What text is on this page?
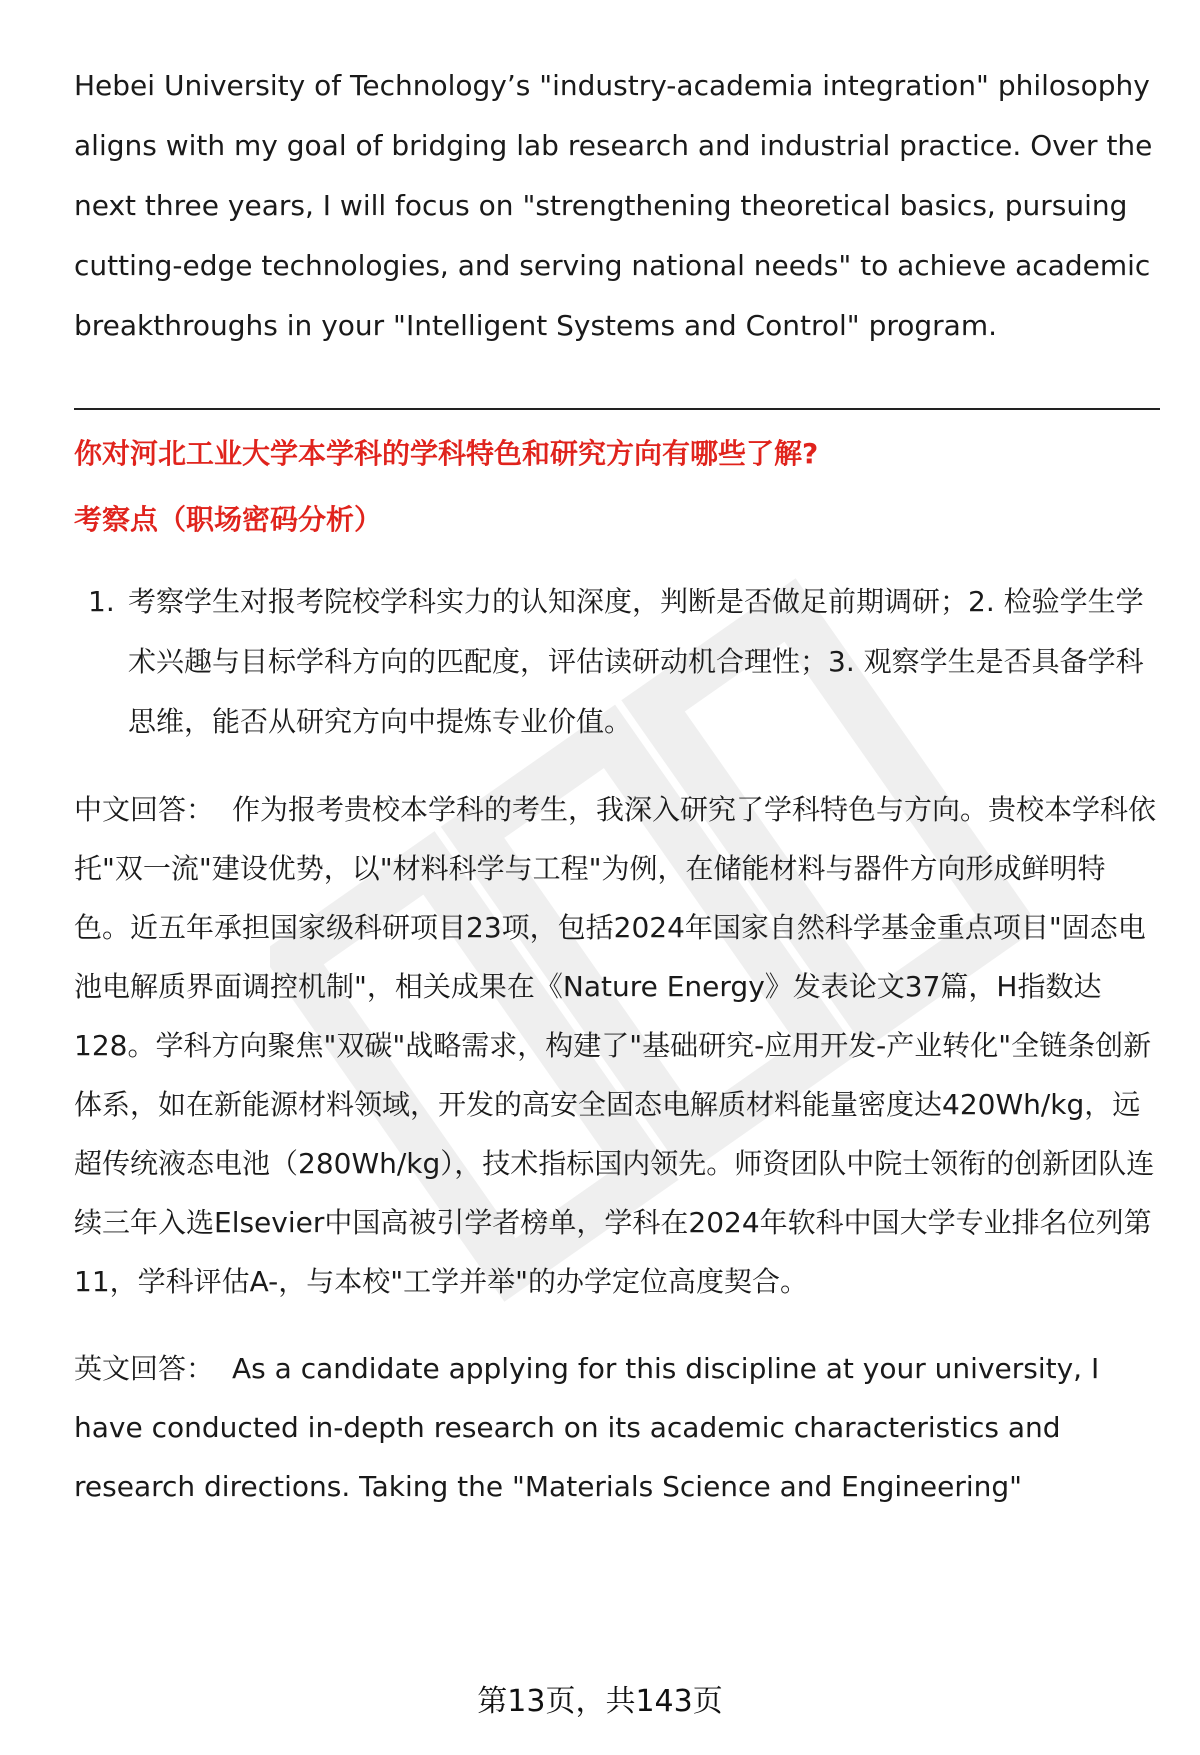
Hebei University of Technology’s "industry-academia integration" philosophy aligns with my goal of bridging lab research and industrial practice. Over the next three years, I will focus on "strengthening theoretical basics, pursuing cutting-edge technologies, and serving national needs" to achieve academic breakthroughs in your "Intelligent Systems and Control" program.

你对河北工业大学本学科的学科特色和研究方向有哪些了解?

考察点（职场密码分析）

1. 考察学生对报考院校学科实力的认知深度，判断是否做足前期调研；2. 检验学生学术兴趣与目标学科方向的匹配度，评估读研动机合理性；3. 观察学生是否具备学科思维，能否从研究方向中提炼专业价值。

中文回答： 作为报考贵校本学科的考生，我深入研究了学科特色与方向。贵校本学科依托"双一流"建设优势，以"材料科学与工程"为例，在储能材料与器件方向形成鲜明特色。近五年承担国家级科研项目23项，包括2024年国家自然科学基金重点项目"固态电池电解质界面调控机制"，相关成果在《Nature Energy》发表论文37篇，H指数达128。学科方向聚焦"双碳"战略需求，构建了"基础研究-应用开发-产业转化"全链条创新体系，如在新能源材料领域，开发的高安全固态电解质材料能量密度达420Wh/kg，远超传统液态电池（280Wh/kg），技术指标国内领先。师资团队中院士领衔的创新团队连续三年入选Elsevier中国高被引学者榜单，学科在2024年软科中国大学专业排名位列第11，学科评估A-，与本校"工学并举"的办学定位高度契合。

英文回答： As a candidate applying for this discipline at your university, I have conducted in-depth research on its academic characteristics and research directions. Taking the "Materials Science and Engineering"

第13页，共143页
